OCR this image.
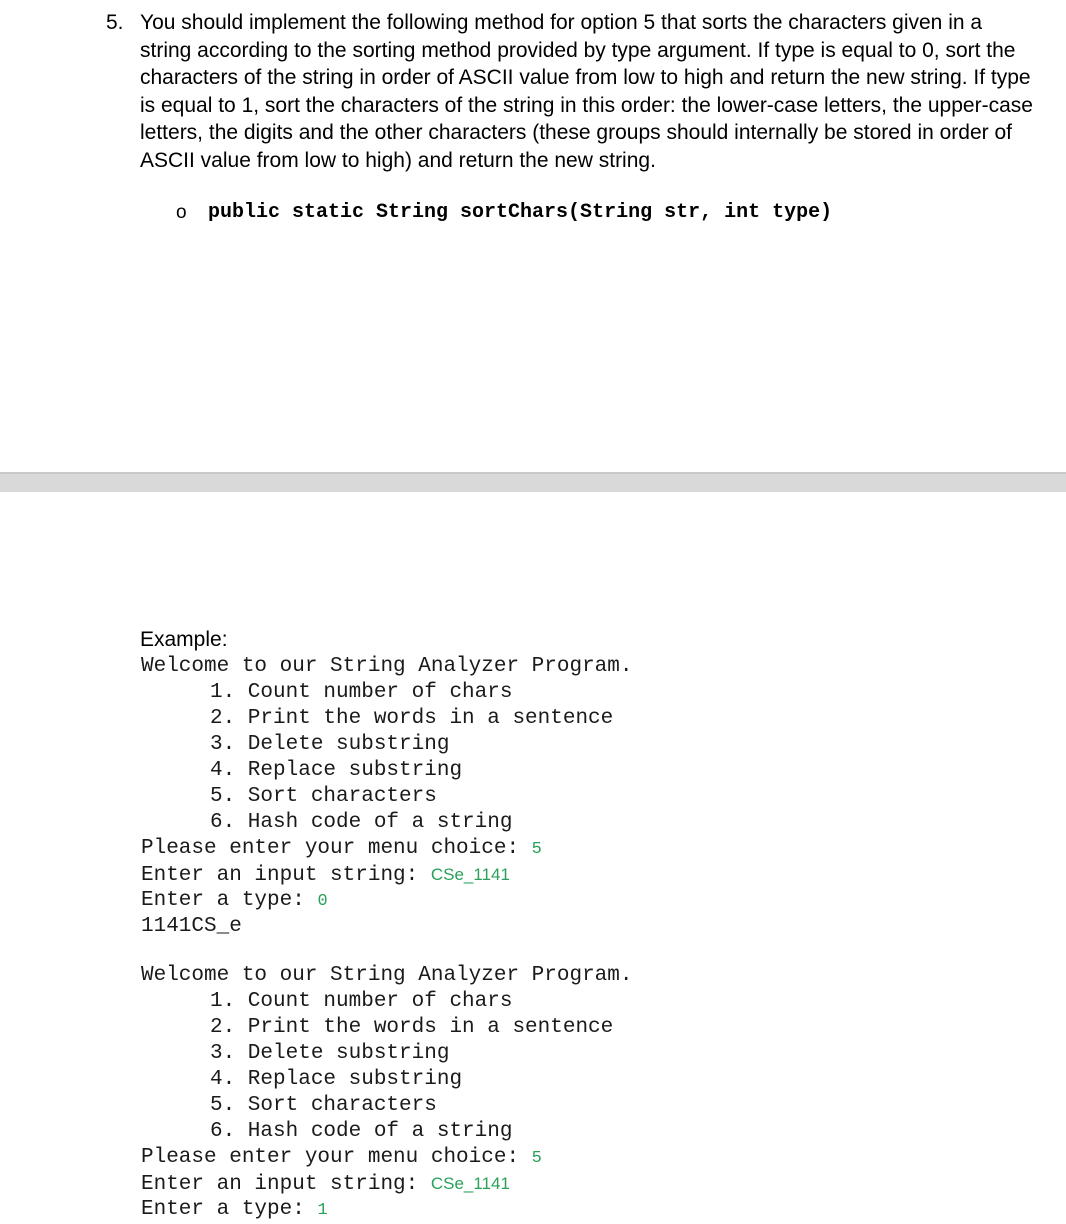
5. You should implement the following method for option 5 that sorts the characters given in a
string according to the sorting method provided by type argument. If type is equal to 0, sort the
characters of the string in order of ASCII value from low to high and return the new string. If type
is equal to 1, sort the characters of the string in this order: the lower-case letters, the upper-case
letters, the digits and the other characters (these groups should internally be stored in order of
ASCII value from low to high) and return the new string.
o public static String sortChars(String str, int type)
Example:
Welcome to our String Analyzer Program.
1. Count number of chars
2. Print the words in a sentence
3. Delete substring
4. Replace substring
5. Sort characters
6. Hash code of a string
Please enter your menu choice: 5
Enter an input string: CSe_1141
Enter a type: 0
1141CS_e
Welcome to our String Analyzer Program.
1. Count number of chars
2. Print the words in a sentence
3. Delete substring
4. Replace substring
5. Sort characters
6. Hash code of a string
Please enter your menu choice: 5
Enter an input string: CSe_1141
Enter a type: 1
